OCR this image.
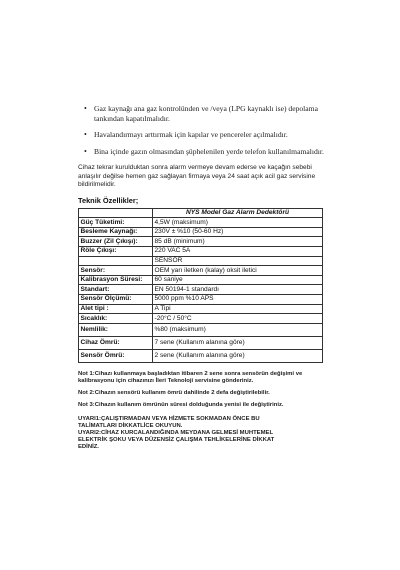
• Gaz kaynağı ana gaz kontrolünden ve /veya (LPG kaynaklı ise) depolama tankından kapatılmalıdır.
• Havalandırmayı arttırmak için kapılar ve pencereler açılmalıdır.
• Bina içinde gazın olmasından şüphelenilen yerde telefon kullanılmamalıdır.
Cihaz tekrar kurulduktan sonra alarm vermeye devam ederse ve kaçağın sebebi anlaşılır değilse hemen gaz sağlayan firmaya veya 24 saat açık acil gaz servisine bildirilmelidir.
Teknik Özellikler;
	NYS Model Gaz Alarm Dedektörü
Güç Tüketimi:	4,5W (maksimum)
Besleme Kaynağı:	230V ± %10 (50-60 Hz)
Buzzer (Zil Çıkışı):	85 dB (minimum)
Röle Çıkışı:	220 VAC 5A
	SENSÖR
Sensör:	OEM yarı iletken (kalay) oksit iletici
Kalibrasyon Süresi:	60 saniye
Standart:	EN 50194-1 standardı
Sensör Ölçümü:	5000 ppm %10 APS
Alet tipi :	A Tipi
Sıcaklık:	-20°C / 50°C
Nemlilik:	%80 (maksimum)
Cihaz Ömrü:	7 sene (Kullanım alanına göre)
Sensör Ömrü:	2 sene (Kullanım alanına göre)
Not 1:Cihazı kullanmaya başladıktan itibaren 2 sene sonra sensörün değişimi ve kalibrasyonu için cihazınızı İleri Teknoloji servisine gönderiniz.
Not 2:Cihazın sensörü kullanım ömrü dahilinde 2 defa değiştirilebilir.
Not 3:Cihazın kullanım ömrünün süresi dolduğunda yenisi ile değiştiriniz.
UYARI1:ÇALIŞTIRMADAN VEYA HİZMETE SOKMADAN ÖNCE BU
TALİMATLARI DİKKATLİCE OKUYUN.
UYARI2:CİHAZ KURCALANDIĞINDA MEYDANA GELMESİ MUHTEMEL
ELEKTRİK ŞOKU VEYA DÜZENSİZ ÇALIŞMA TEHLİKELERİNE DİKKAT
EDİNİZ.
